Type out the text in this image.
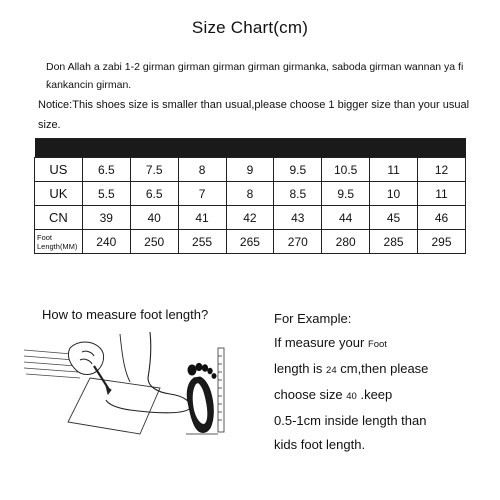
Size Chart(cm)
Don Allah a zabi 1-2 girman girman girman girman girmanka, saboda girman wannan ya fi ƙankancin girman.
Notice:This shoes size is smaller than usual,please choose 1 bigger size than your usual size.

US	6.5	7.5	8	9	9.5	10.5	11	12
UK	5.5	6.5	7	8	8.5	9.5	10	11
CN	39	40	41	42	43	44	45	46
Foot Length(MM)	240	250	255	265	270	280	285	295
How to measure foot length?	For Example:
If measure your Foot
length is 24 cm,then please
choose size 40 .keep
0.5-1cm inside length than
kids foot length.
